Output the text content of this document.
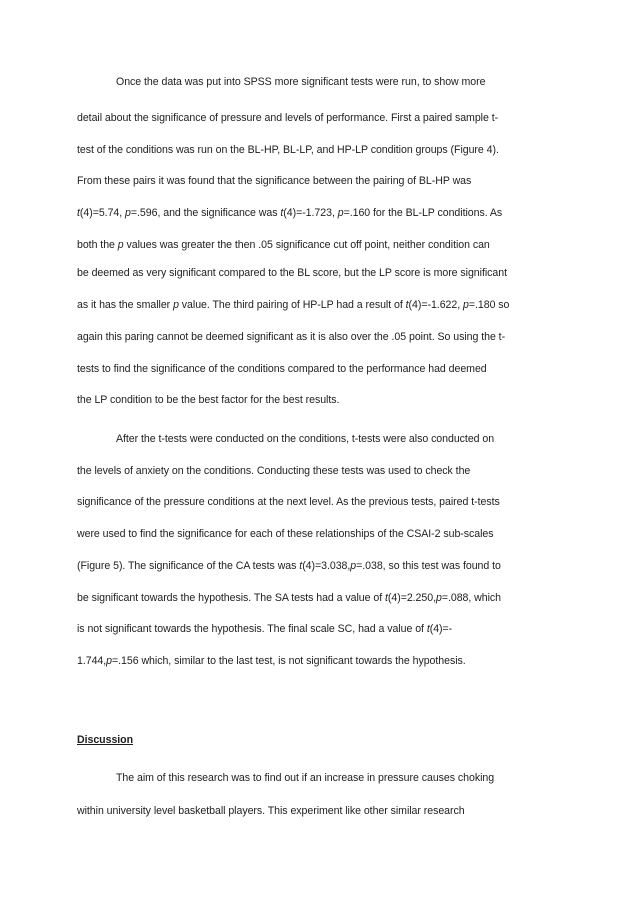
Once the data was put into SPSS more significant tests were run, to show more
detail about the significance of pressure and levels of performance. First a paired sample t-
test of the conditions was run on the BL-HP, BL-LP, and HP-LP condition groups (Figure 4).
From these pairs it was found that the significance between the pairing of BL-HP was
t(4)=5.74, p=.596, and the significance was t(4)=-1.723, p=.160 for the BL-LP conditions. As
both the p values was greater the then .05 significance cut off point, neither condition can
be deemed as very significant compared to the BL score, but the LP score is more significant
as it has the smaller p value. The third pairing of HP-LP had a result of t(4)=-1.622, p=.180 so
again this paring cannot be deemed significant as it is also over the .05 point. So using the t-
tests to find the significance of the conditions compared to the performance had deemed
the LP condition to be the best factor for the best results.
After the t-tests were conducted on the conditions, t-tests were also conducted on
the levels of anxiety on the conditions. Conducting these tests was used to check the
significance of the pressure conditions at the next level. As the previous tests, paired t-tests
were used to find the significance for each of these relationships of the CSAI-2 sub-scales
(Figure 5). The significance of the CA tests was t(4)=3.038,p=.038, so this test was found to
be significant towards the hypothesis. The SA tests had a value of t(4)=2.250,p=.088, which
is not significant towards the hypothesis. The final scale SC, had a value of t(4)=-
1.744,p=.156 which, similar to the last test, is not significant towards the hypothesis.
Discussion
The aim of this research was to find out if an increase in pressure causes choking
within university level basketball players. This experiment like other similar research
